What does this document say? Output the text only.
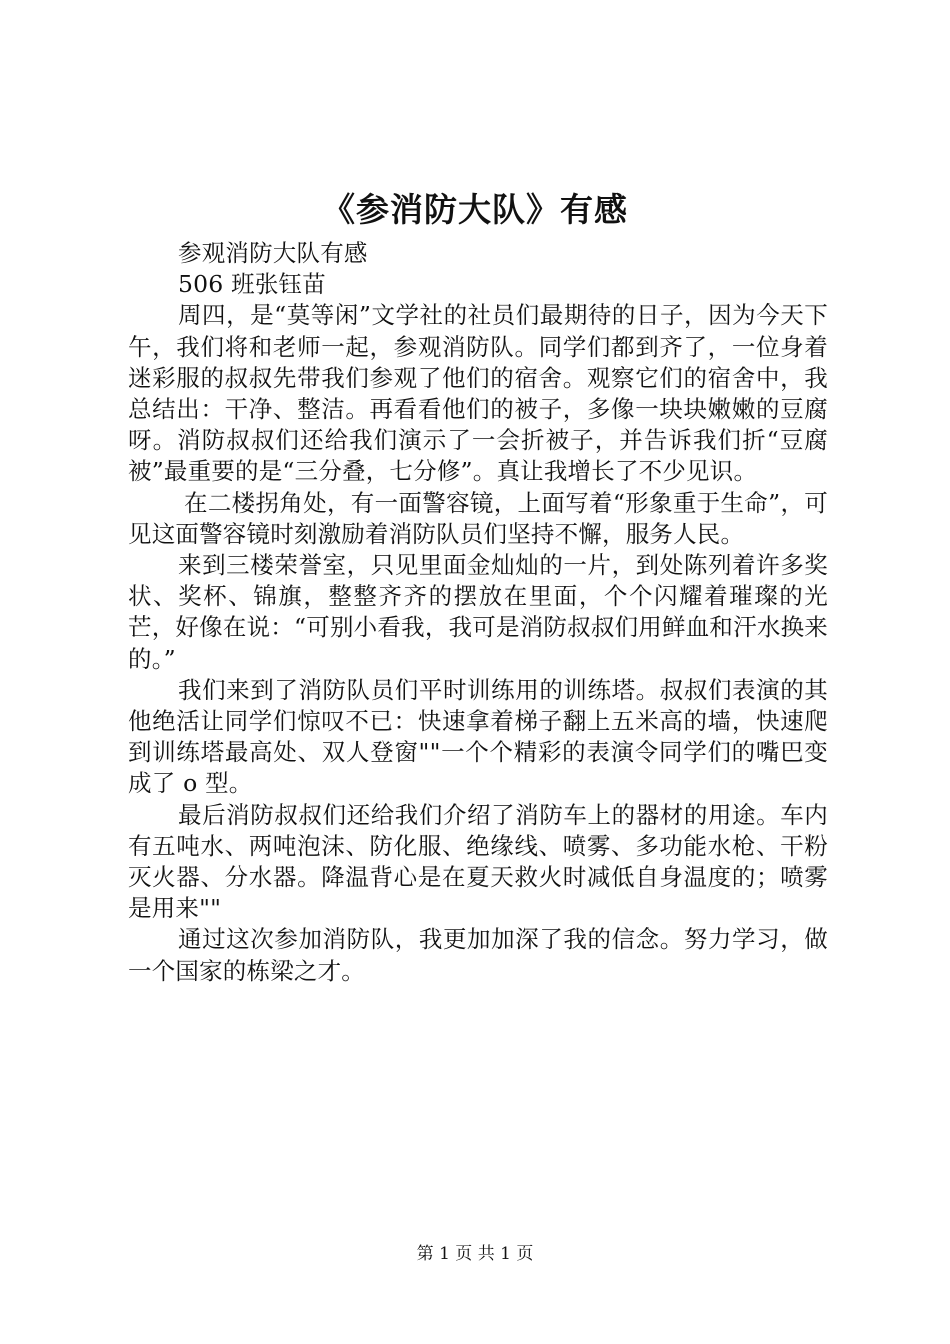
《参消防大队》有感

参观消防大队有感

506 班张钰苗

周四，是“莫等闲”文学社的社员们最期待的日子，因为今天下午，我们将和老师一起，参观消防队。同学们都到齐了，一位身着迷彩服的叔叔先带我们参观了他们的宿舍。观察它们的宿舍中，我总结出：干净、整洁。再看看他们的被子，多像一块块嫩嫩的豆腐呀。消防叔叔们还给我们演示了一会折被子，并告诉我们折“豆腐被”最重要的是“三分叠，七分修”。真让我增长了不少见识。

在二楼拐角处，有一面警容镜，上面写着“形象重于生命”，可见这面警容镜时刻激励着消防队员们坚持不懈，服务人民。

来到三楼荣誉室，只见里面金灿灿的一片，到处陈列着许多奖状、奖杯、锦旗，整整齐齐的摆放在里面，个个闪耀着璀璨的光芒，好像在说：“可别小看我，我可是消防叔叔们用鲜血和汗水换来的。”

我们来到了消防队员们平时训练用的训练塔。叔叔们表演的其他绝活让同学们惊叹不已：快速拿着梯子翻上五米高的墙，快速爬到训练塔最高处、双人登窗""一个个精彩的表演令同学们的嘴巴变成了 o 型。

最后消防叔叔们还给我们介绍了消防车上的器材的用途。车内有五吨水、两吨泡沫、防化服、绝缘线、喷雾、多功能水枪、干粉灭火器、分水器。降温背心是在夏天救火时减低自身温度的；喷雾是用来""

通过这次参加消防队，我更加加深了我的信念。努力学习，做一个国家的栋梁之才。

第 1 页 共 1 页
